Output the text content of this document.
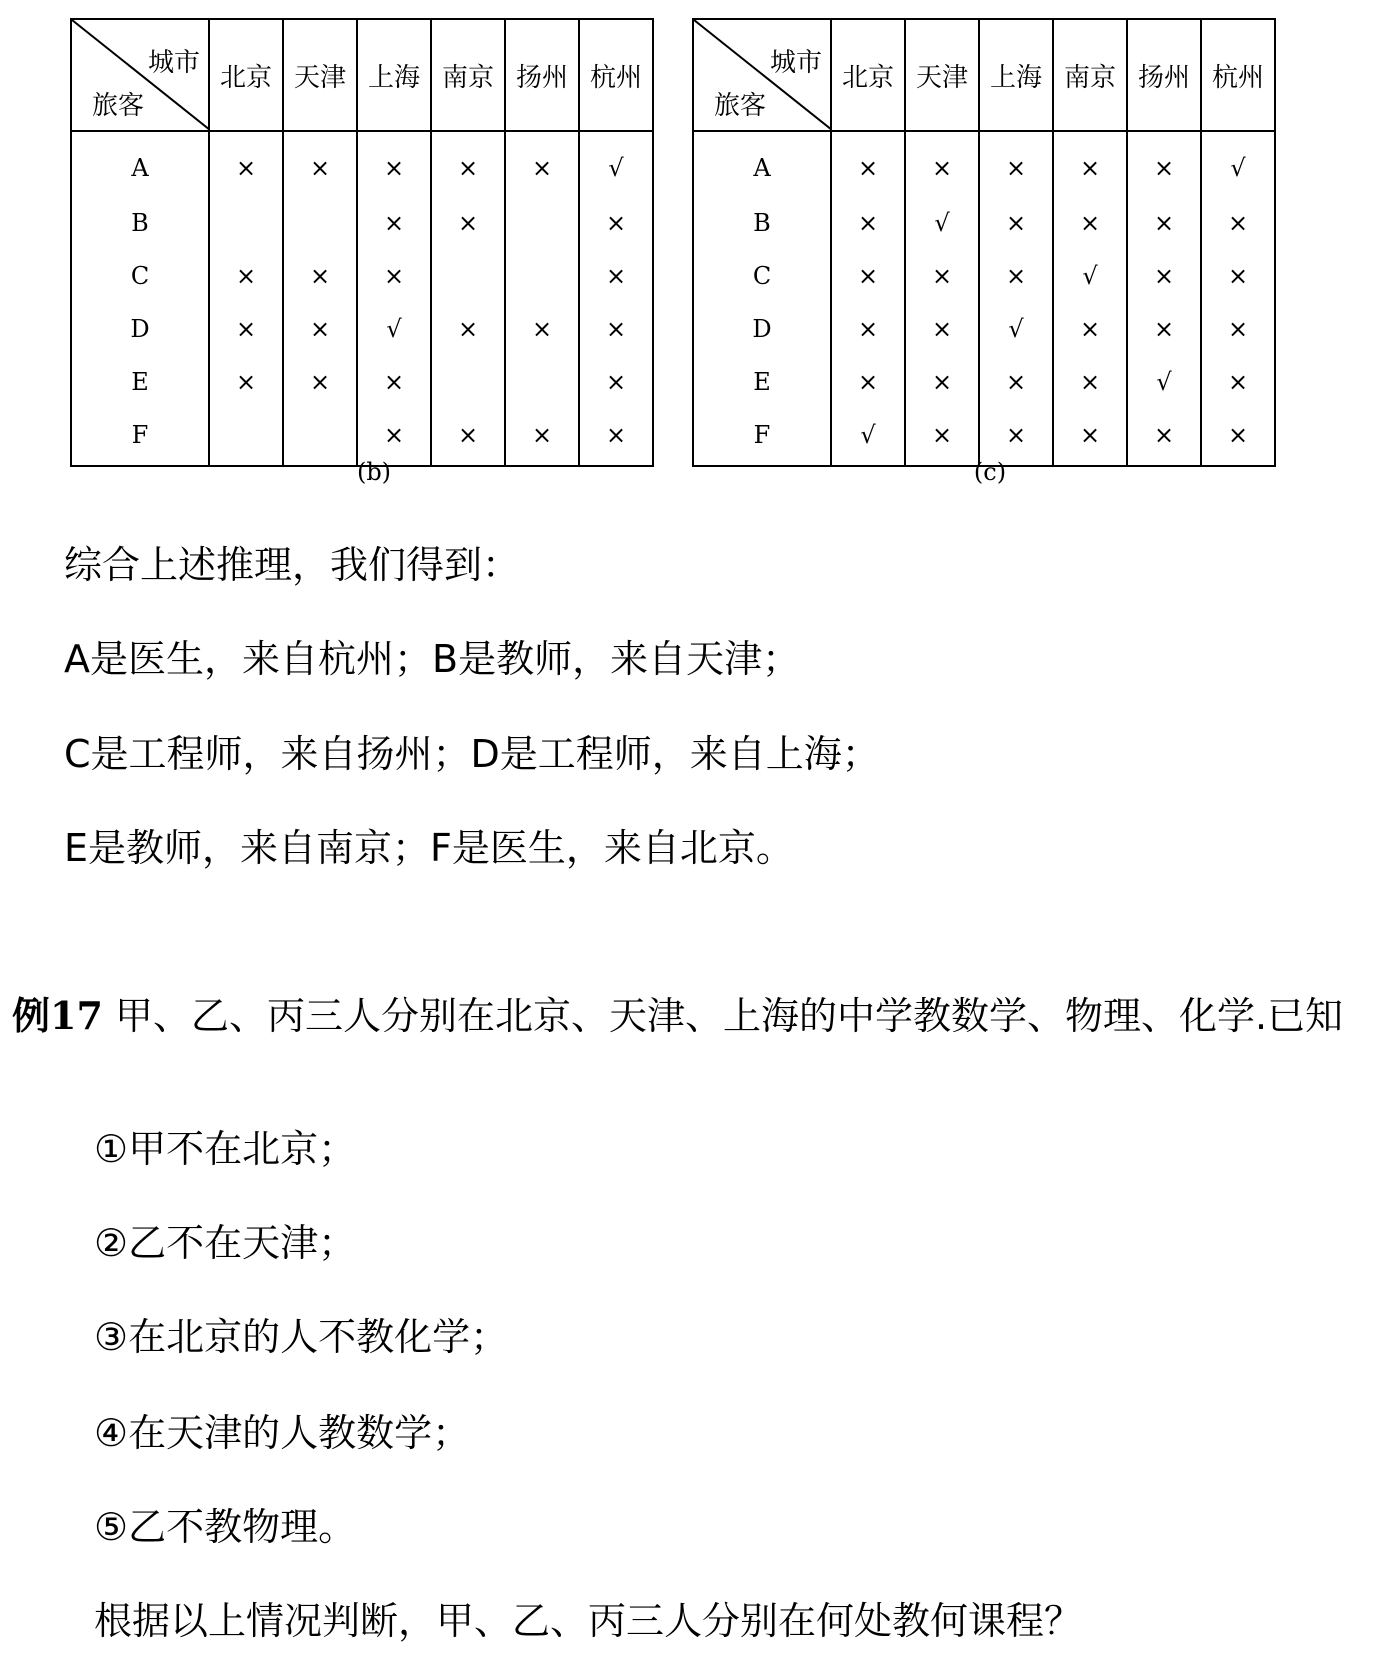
城市
旅客	北京	天津	上海	南京	扬州	杭州
A	×	×	×	×	×	√
B			×	×		×
C	×	×	×			×
D	×	×	√	×	×	×
E	×	×	×			×
F			×	×	×	×
(b)
城市
旅客	北京	天津	上海	南京	扬州	杭州
A	×	×	×	×	×	√
B	×	√	×	×	×	×
C	×	×	×	√	×	×
D	×	×	√	×	×	×
E	×	×	×	×	√	×
F	√	×	×	×	×	×
(c)
综合上述推理，我们得到：
A是医生，来自杭州；B是教师，来自天津；
C是工程师，来自扬州；D是工程师，来自上海；
E是教师，来自南京；F是医生，来自北京。
例17 甲、乙、丙三人分别在北京、天津、上海的中学教数学、物理、化学.已知
①甲不在北京；
②乙不在天津；
③在北京的人不教化学；
④在天津的人教数学；
⑤乙不教物理。
根据以上情况判断，甲、乙、丙三人分别在何处教何课程？
